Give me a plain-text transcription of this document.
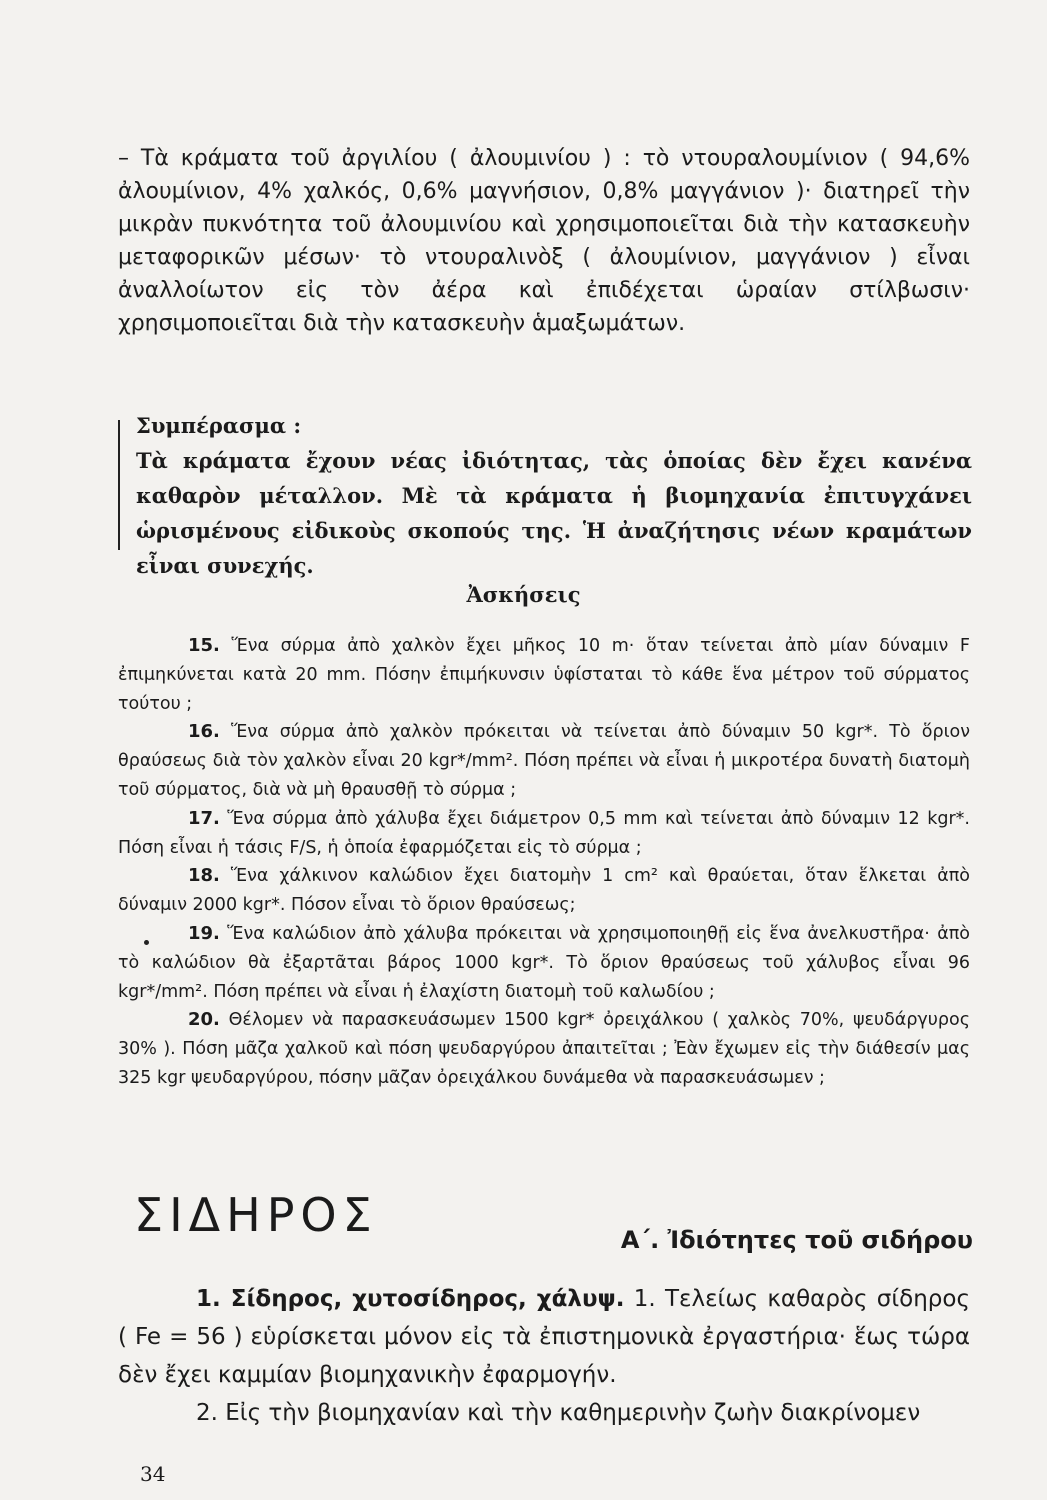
– Τὰ κράματα τοῦ ἀργιλίου ( ἀλουμινίου ) : τὸ ντουραλουμίνιον ( 94,6% ἀλουμίνιον, 4% χαλκός, 0,6% μαγνήσιον, 0,8% μαγγάνιον )· διατηρεῖ τὴν μικρὰν πυκνότητα τοῦ ἀλουμινίου καὶ χρησιμοποιεῖται διὰ τὴν κατασκευὴν μεταφορικῶν μέσων· τὸ ντουραλινὸξ ( ἀλουμίνιον, μαγγάνιον ) εἶναι ἀναλλοίωτον εἰς τὸν ἀέρα καὶ ἐπιδέχεται ὡραίαν στίλβωσιν· χρησιμοποιεῖται διὰ τὴν κατασκευὴν ἁμαξωμάτων.
Συμπέρασμα :
Τὰ κράματα ἔχουν νέας ἰδιότητας, τὰς ὁποίας δὲν ἔχει κανένα καθαρὸν μέταλλον. Μὲ τὰ κράματα ἡ βιομηχανία ἐπιτυγχάνει ὡρισμένους εἰδικοὺς σκοπούς της. Ἡ ἀναζήτησις νέων κραμάτων εἶναι συνεχής.
Ἀσκήσεις

15. Ἕνα σύρμα ἀπὸ χαλκὸν ἔχει μῆκος 10 m· ὅταν τείνεται ἀπὸ μίαν δύναμιν F ἐπιμηκύνεται κατὰ 20 mm. Πόσην ἐπιμήκυνσιν ὑφίσταται τὸ κάθε ἕνα μέτρον τοῦ σύρματος τούτου ;

16. Ἕνα σύρμα ἀπὸ χαλκὸν πρόκειται νὰ τείνεται ἀπὸ δύναμιν 50 kgr*. Τὸ ὅριον θραύσεως διὰ τὸν χαλκὸν εἶναι 20 kgr*/mm². Πόση πρέπει νὰ εἶναι ἡ μικροτέρα δυνατὴ διατομὴ τοῦ σύρματος, διὰ νὰ μὴ θραυσθῇ τὸ σύρμα ;

17. Ἕνα σύρμα ἀπὸ χάλυβα ἔχει διάμετρον 0,5 mm καὶ τείνεται ἀπὸ δύναμιν 12 kgr*. Πόση εἶναι ἡ τάσις F/S, ἡ ὁποία ἐφαρμόζεται εἰς τὸ σύρμα ;

18. Ἕνα χάλκινον καλώδιον ἔχει διατομὴν 1 cm² καὶ θραύεται, ὅταν ἕλκεται ἀπὸ δύναμιν 2000 kgr*. Πόσον εἶναι τὸ ὅριον θραύσεως;

19. Ἕνα καλώδιον ἀπὸ χάλυβα πρόκειται νὰ χρησιμοποιηθῇ εἰς ἕνα ἀνελκυστῆρα· ἀπὸ τὸ καλώδιον θὰ ἐξαρτᾶται βάρος 1000 kgr*. Τὸ ὅριον θραύσεως τοῦ χάλυβος εἶναι 96 kgr*/mm². Πόση πρέπει νὰ εἶναι ἡ ἐλαχίστη διατομὴ τοῦ καλωδίου ;

20. Θέλομεν νὰ παρασκευάσωμεν 1500 kgr* ὀρειχάλκου ( χαλκὸς 70%, ψευδάργυρος 30% ). Πόση μᾶζα χαλκοῦ καὶ πόση ψευδαργύρου ἀπαιτεῖται ; Ἐὰν ἔχωμεν εἰς τὴν διάθεσίν μας 325 kgr ψευδαργύρου, πόσην μᾶζαν ὀρειχάλκου δυνάμεθα νὰ παρασκευάσωμεν ;

ΣΙΔΗΡΟΣ	Α΄. Ἰδιότητες τοῦ σιδήρου

1. Σίδηρος, χυτοσίδηρος, χάλυψ. 1. Τελείως καθαρὸς σίδηρος ( Fe = 56 ) εὑρίσκεται μόνον εἰς τὰ ἐπιστημονικὰ ἐργαστήρια· ἕως τώρα δὲν ἔχει καμμίαν βιομηχανικὴν ἐφαρμογήν.

2. Εἰς τὴν βιομηχανίαν καὶ τὴν καθημερινὴν ζωὴν διακρίνομεν

34
